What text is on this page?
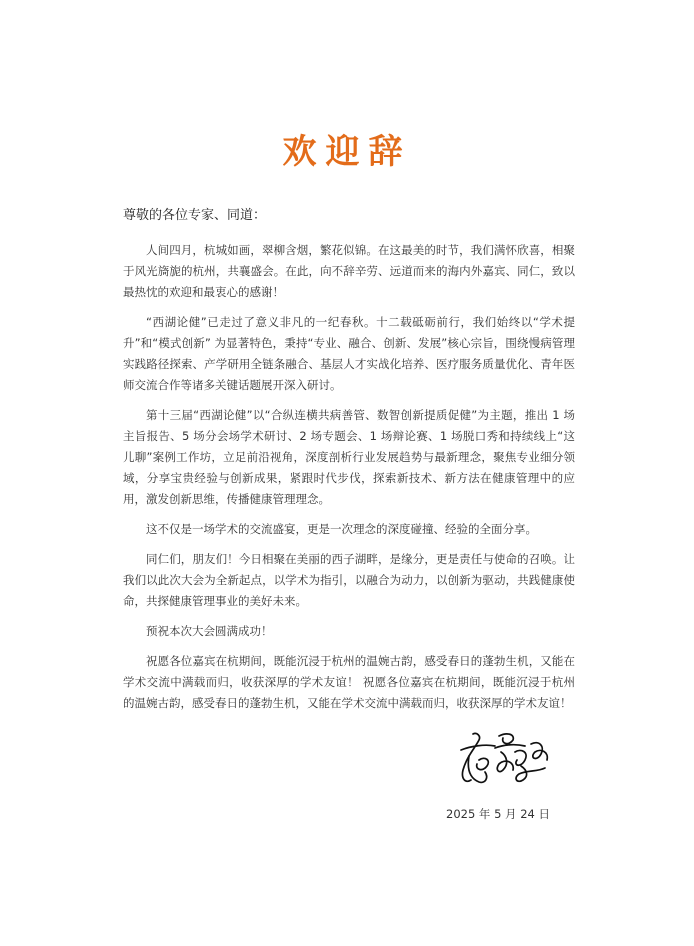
欢迎辞
尊敬的各位专家、同道：

人间四月，杭城如画，翠柳含烟，繁花似锦。在这最美的时节，我们满怀欣喜，相聚于风光旖旎的杭州，共襄盛会。在此，向不辞辛劳、远道而来的海内外嘉宾、同仁，致以最热忱的欢迎和最衷心的感谢！

“西湖论健”已走过了意义非凡的一纪春秋。十二载砥砺前行，我们始终以“学术提升”和“模式创新” 为显著特色，秉持“专业、融合、创新、发展”核心宗旨，围绕慢病管理实践路径探索、产学研用全链条融合、基层人才实战化培养、医疗服务质量优化、青年医师交流合作等诸多关键话题展开深入研讨。

第十三届“西湖论健”以“合纵连横共病善管、数智创新提质促健”为主题，推出 1 场主旨报告、5 场分会场学术研讨、2 场专题会、1 场辩论赛、1 场脱口秀和持续线上“这儿聊”案例工作坊，立足前沿视角，深度剖析行业发展趋势与最新理念，聚焦专业细分领域，分享宝贵经验与创新成果，紧跟时代步伐，探索新技术、新方法在健康管理中的应用，激发创新思维，传播健康管理理念。

这不仅是一场学术的交流盛宴，更是一次理念的深度碰撞、经验的全面分享。

同仁们，朋友们！今日相聚在美丽的西子湖畔，是缘分，更是责任与使命的召唤。让我们以此次大会为全新起点，以学术为指引，以融合为动力，以创新为驱动，共践健康使命，共探健康管理事业的美好未来。

预祝本次大会圆满成功！

祝愿各位嘉宾在杭期间，既能沉浸于杭州的温婉古韵，感受春日的蓬勃生机，又能在学术交流中满载而归，收获深厚的学术友谊！ 祝愿各位嘉宾在杭期间，既能沉浸于杭州的温婉古韵，感受春日的蓬勃生机，又能在学术交流中满载而归，收获深厚的学术友谊！

2025 年 5 月 24 日
